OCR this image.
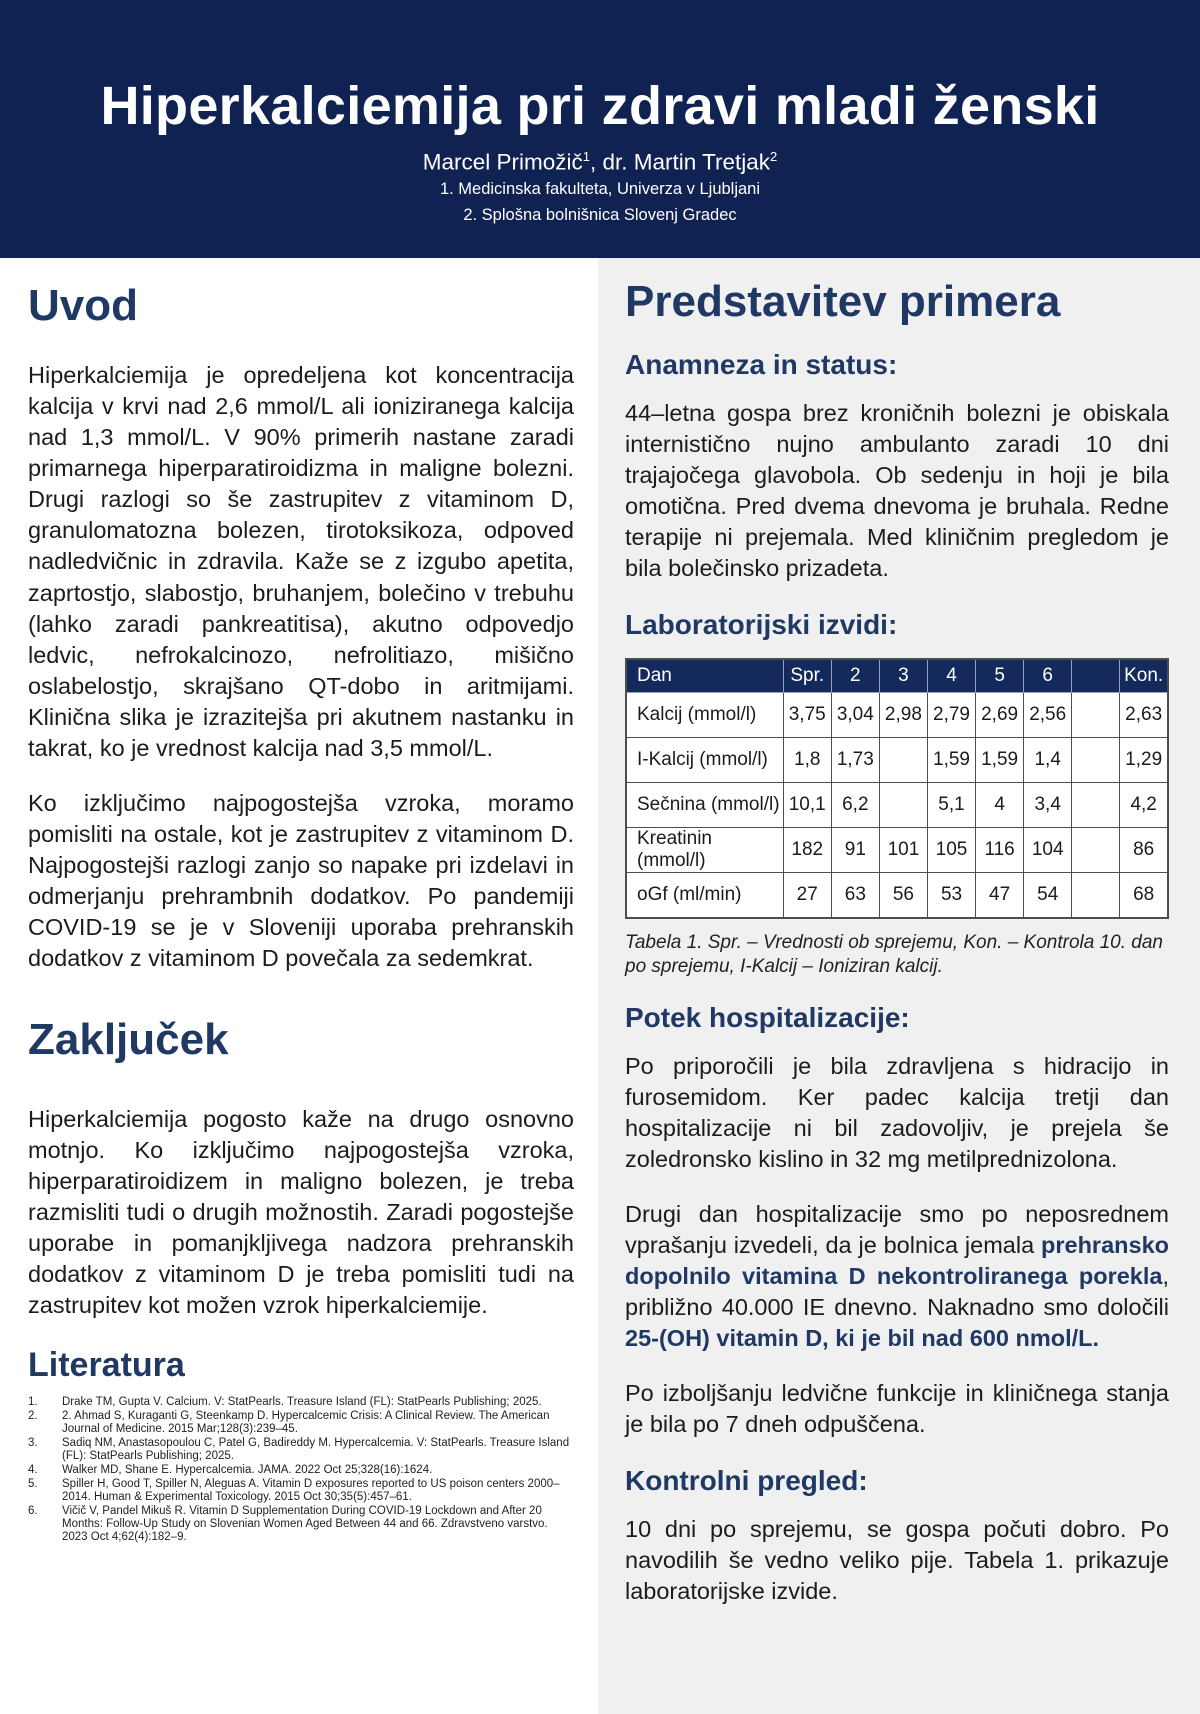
Hiperkalciemija pri zdravi mladi ženski

Marcel Primožič$^1$, dr. Martin Tretjak$^2$

1. Medicinska fakulteta, Univerza v Ljubljani

2. Splošna bolnišnica Slovenj Gradec

Uvod

Hiperkalciemija je opredeljena kot koncentracija kalcija v krvi nad 2,6 mmol/L ali ioniziranega kalcija nad 1,3 mmol/L. V 90% primerih nastane zaradi primarnega hiperparatiroidizma in maligne bolezni. Drugi razlogi so še zastrupitev z vitaminom D, granulomatozna bolezen, tirotoksikoza, odpoved nadledvičnic in zdravila. Kaže se z izgubo apetita, zaprtostjo, slabostjo, bruhanjem, bolečino v trebuhu (lahko zaradi pankreatitisa), akutno odpovedjo ledvic, nefrokalcinozo, nefrolitiazo, mišično oslabelostjo, skrajšano QT-dobo in aritmijami. Klinična slika je izrazitejša pri akutnem nastanku in takrat, ko je vrednost kalcija nad 3,5 mmol/L.

Ko izključimo najpogostejša vzroka, moramo pomisliti na ostale, kot je zastrupitev z vitaminom D. Najpogostejši razlogi zanjo so napake pri izdelavi in odmerjanju prehrambnih dodatkov. Po pandemiji COVID-19 se je v Sloveniji uporaba prehranskih dodatkov z vitaminom D povečala za sedemkrat.

Zaključek

Hiperkalciemija pogosto kaže na drugo osnovno motnjo. Ko izključimo najpogostejša vzroka, hiperparatiroidizem in maligno bolezen, je treba razmisliti tudi o drugih možnostih. Zaradi pogostejše uporabe in pomanjkljivega nadzora prehranskih dodatkov z vitaminom D je treba pomisliti tudi na zastrupitev kot možen vzrok hiperkalciemije.

Literatura
Drake TM, Gupta V. Calcium. V: StatPearls. Treasure Island (FL): StatPearls Publishing; 2025.
2. Ahmad S, Kuraganti G, Steenkamp D. Hypercalcemic Crisis: A Clinical Review. The American Journal of Medicine. 2015 Mar;128(3):239–45.
Sadiq NM, Anastasopoulou C, Patel G, Badireddy M. Hypercalcemia. V: StatPearls. Treasure Island (FL): StatPearls Publishing; 2025.
Walker MD, Shane E. Hypercalcemia. JAMA. 2022 Oct 25;328(16):1624.
Spiller H, Good T, Spiller N, Aleguas A. Vitamin D exposures reported to US poison centers 2000–2014. Human & Experimental Toxicology. 2015 Oct 30;35(5):457–61.
Vičič V, Pandel Mikuš R. Vitamin D Supplementation During COVID-19 Lockdown and After 20 Months: Follow-Up Study on Slovenian Women Aged Between 44 and 66. Zdravstveno varstvo. 2023 Oct 4;62(4):182–9.
Predstavitev primera
Anamneza in status:

44–letna gospa brez kroničnih bolezni je obiskala internistično nujno ambulanto zaradi 10 dni trajajočega glavobola. Ob sedenju in hoji je bila omotična. Pred dvema dnevoma je bruhala. Redne terapije ni prejemala. Med kliničnim pregledom je bila bolečinsko prizadeta.

Laboratorijski izvidi:
Dan	Spr.	2	3	4	5	6		Kon.
Kalcij (mmol/l)	3,75	3,04	2,98	2,79	2,69	2,56		2,63
I-Kalcij (mmol/l)	1,8	1,73		1,59	1,59	1,4		1,29
Sečnina (mmol/l)	10,1	6,2		5,1	4	3,4		4,2
Kreatinin (mmol/l)	182	91	101	105	116	104		86
oGf (ml/min)	27	63	56	53	47	54		68

Tabela 1. Spr. – Vrednosti ob sprejemu, Kon. – Kontrola 10. dan po sprejemu, I-Kalcij – Ioniziran kalcij.

Potek hospitalizacije:

Po priporočili je bila zdravljena s hidracijo in furosemidom. Ker padec kalcija tretji dan hospitalizacije ni bil zadovoljiv, je prejela še zoledronsko kislino in 32 mg metilprednizolona.

Drugi dan hospitalizacije smo po neposrednem vprašanju izvedeli, da je bolnica jemala prehransko dopolnilo vitamina D nekontroliranega porekla, približno 40.000 IE dnevno. Naknadno smo določili 25-(OH) vitamin D, ki je bil nad 600 nmol/L.

Po izboljšanju ledvične funkcije in kliničnega stanja je bila po 7 dneh odpuščena.

Kontrolni pregled:

10 dni po sprejemu, se gospa počuti dobro. Po navodilih še vedno veliko pije. Tabela 1. prikazuje laboratorijske izvide.
